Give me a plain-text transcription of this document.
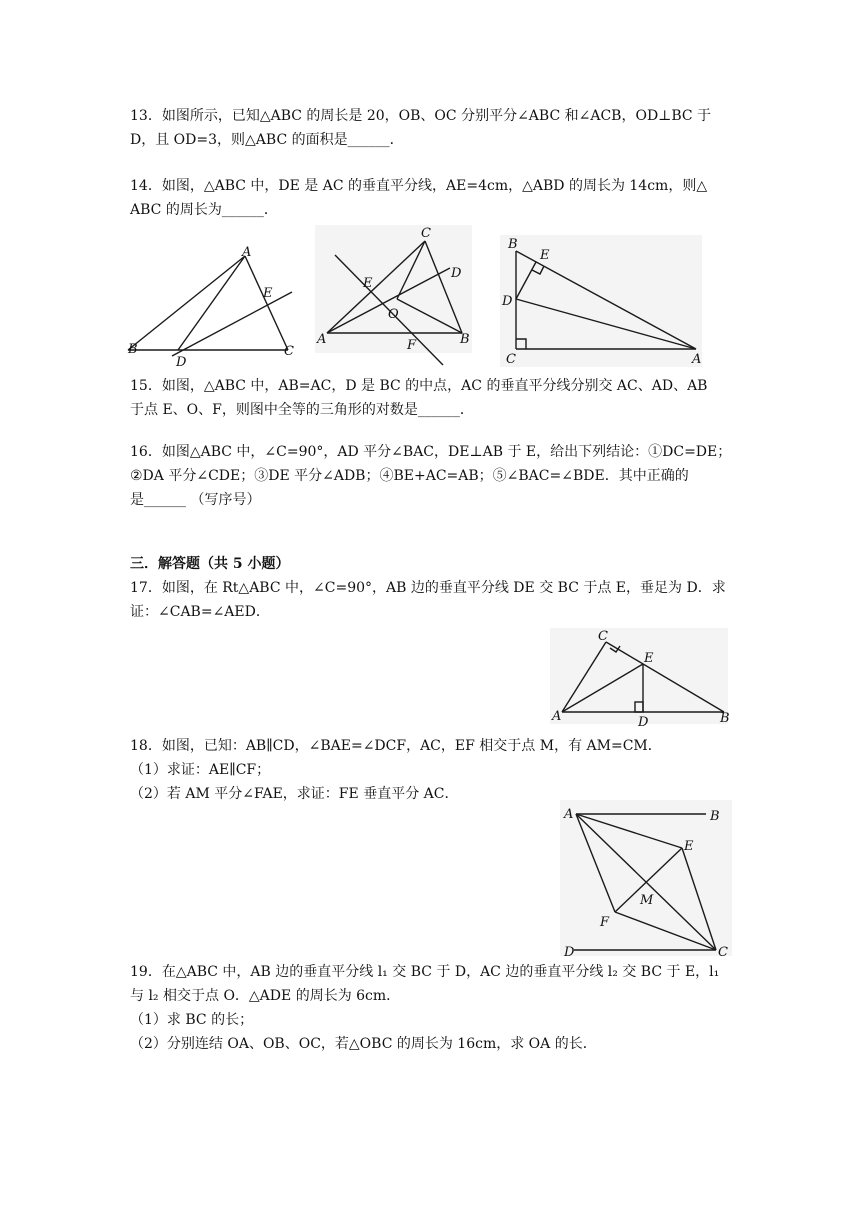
13．如图所示，已知△ABC 的周长是 20，OB、OC 分别平分∠ABC 和∠ACB，OD⊥BC 于
D，且 OD=3，则△ABC 的面积是______．
14．如图，△ABC 中，DE 是 AC 的垂直平分线，AE=4cm，△ABD 的周长为 14cm，则△
ABC 的周长为______．
A
B	C
D
E
C
D
E
O
A	B
F
B
E
D
C	A
15．如图，△ABC 中，AB=AC，D 是 BC 的中点，AC 的垂直平分线分别交 AC、AD、AB
于点 E、O、F，则图中全等的三角形的对数是______．
16．如图△ABC 中，∠C=90°，AD 平分∠BAC，DE⊥AB 于 E，给出下列结论：①DC=DE；
②DA 平分∠CDE；③DE 平分∠ADB；④BE+AC=AB；⑤∠BAC=∠BDE．其中正确的
是______ （写序号）
三．解答题（共 5 小题）
17．如图，在 Rt△ABC 中，∠C=90°，AB 边的垂直平分线 DE 交 BC 于点 E，垂足为 D．求
证：∠CAB=∠AED．
C
E
A	D	B
18．如图，已知：AB∥CD，∠BAE=∠DCF，AC，EF 相交于点 M，有 AM=CM．
（1）求证：AE∥CF；
（2）若 AM 平分∠FAE，求证：FE 垂直平分 AC．
A	B
E
M
F
D	C
19．在△ABC 中，AB 边的垂直平分线 l₁ 交 BC 于 D，AC 边的垂直平分线 l₂ 交 BC 于 E，l₁
与 l₂ 相交于点 O．△ADE 的周长为 6cm．
（1）求 BC 的长；
（2）分别连结 OA、OB、OC，若△OBC 的周长为 16cm，求 OA 的长．
